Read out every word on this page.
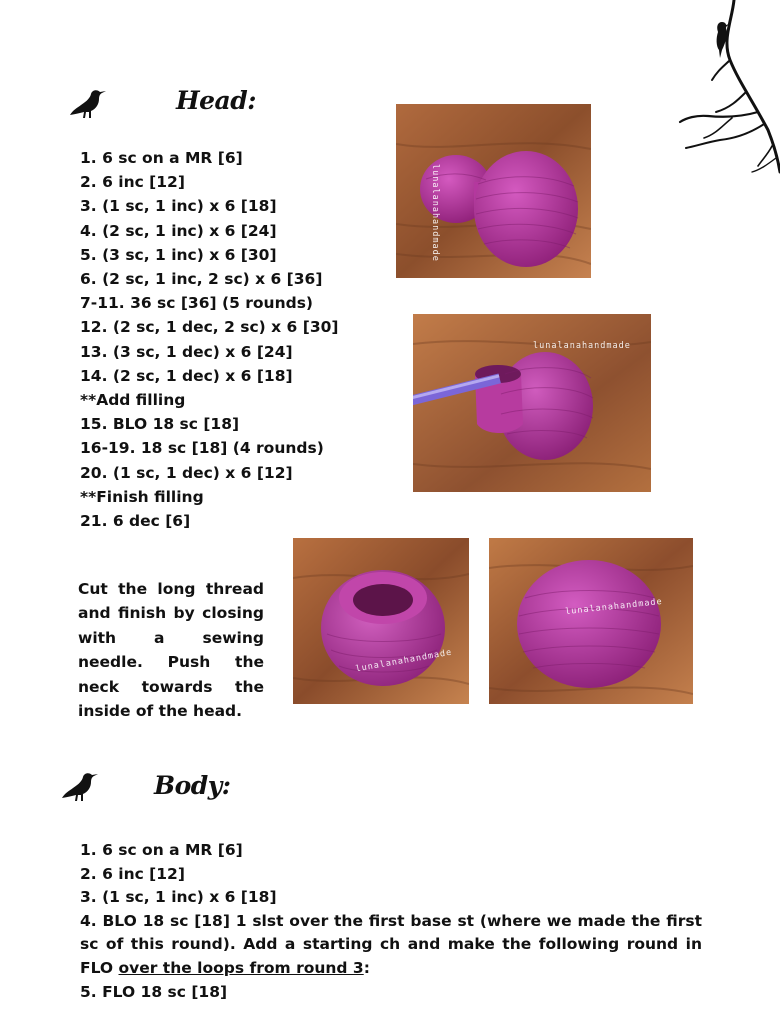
Head:
1. 6 sc on a MR [6]
2. 6 inc [12]
3. (1 sc, 1 inc) x 6 [18]
4. (2 sc, 1 inc) x 6 [24]
5. (3 sc, 1 inc) x 6 [30]
6. (2 sc, 1 inc, 2 sc) x 6 [36]
7-11. 36 sc [36] (5 rounds)
12. (2 sc, 1 dec, 2 sc) x 6 [30]
13. (3 sc, 1 dec) x 6 [24]
14. (2 sc, 1 dec) x 6 [18]
**Add filling
15. BLO 18 sc [18]
16-19. 18 sc [18] (4 rounds)
20. (1 sc, 1 dec) x 6 [12]
**Finish filling
21. 6 dec [6]
Cut the long thread and finish by closing with a sewing needle. Push the neck towards the inside of the head.
lunalanahandmade
lunalanahandmade
lunalanahandmade
lunalanahandmade
Body:
1. 6 sc on a MR [6]
2. 6 inc [12]
3. (1 sc, 1 inc) x 6 [18]
4. BLO 18 sc [18] 1 slst over the first base st (where we made the first sc of this round). Add a starting ch and make the following round in FLO over the loops from round 3:
5. FLO 18 sc [18]
